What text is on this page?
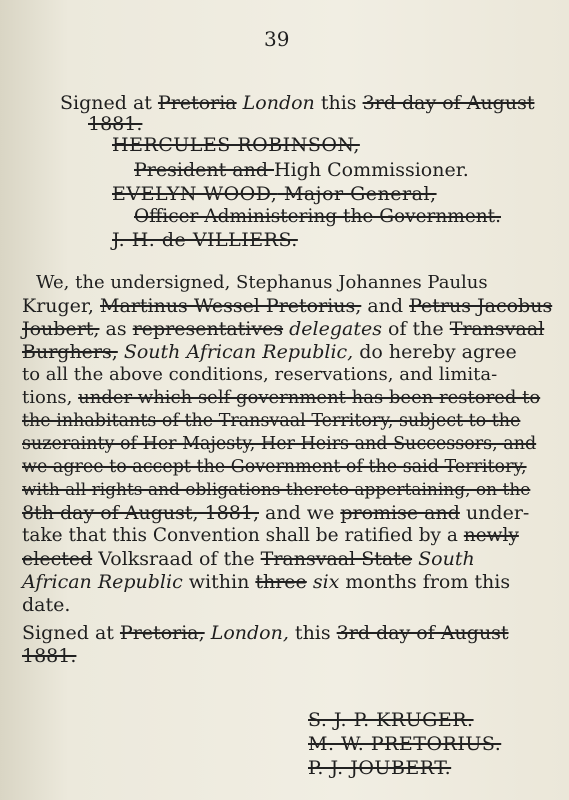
39
Signed at Pretoria London this 3rd day of August
1881.
HERCULES ROBINSON,
President and High Commissioner.
EVELYN WOOD, Major General,
Officer Administering the Government.
J. H. de VILLIERS.
We, the undersigned, Stephanus Johannes Paulus
Kruger, Martinus Wessel Pretorius, and Petrus Jacobus
Joubert, as representatives delegates of the Transvaal
Burghers, South African Republic, do hereby agree
to all the above conditions, reservations, and limita-
tions, under which self government has been restored to
the inhabitants of the Transvaal Territory, subject to the
suzerainty of Her Majesty, Her Heirs and Successors, and
we agree to accept the Government of the said Territory,
with all rights and obligations thereto appertaining, on the
8th day of August, 1881, and we promise and under-
take that this Convention shall be ratified by a newly
elected Volksraad of the Transvaal State South
African Republic within three six months from this
date.
Signed at Pretoria, London, this 3rd day of August
1881.
S. J. P. KRUGER.
M. W. PRETORIUS.
P. J. JOUBERT.
